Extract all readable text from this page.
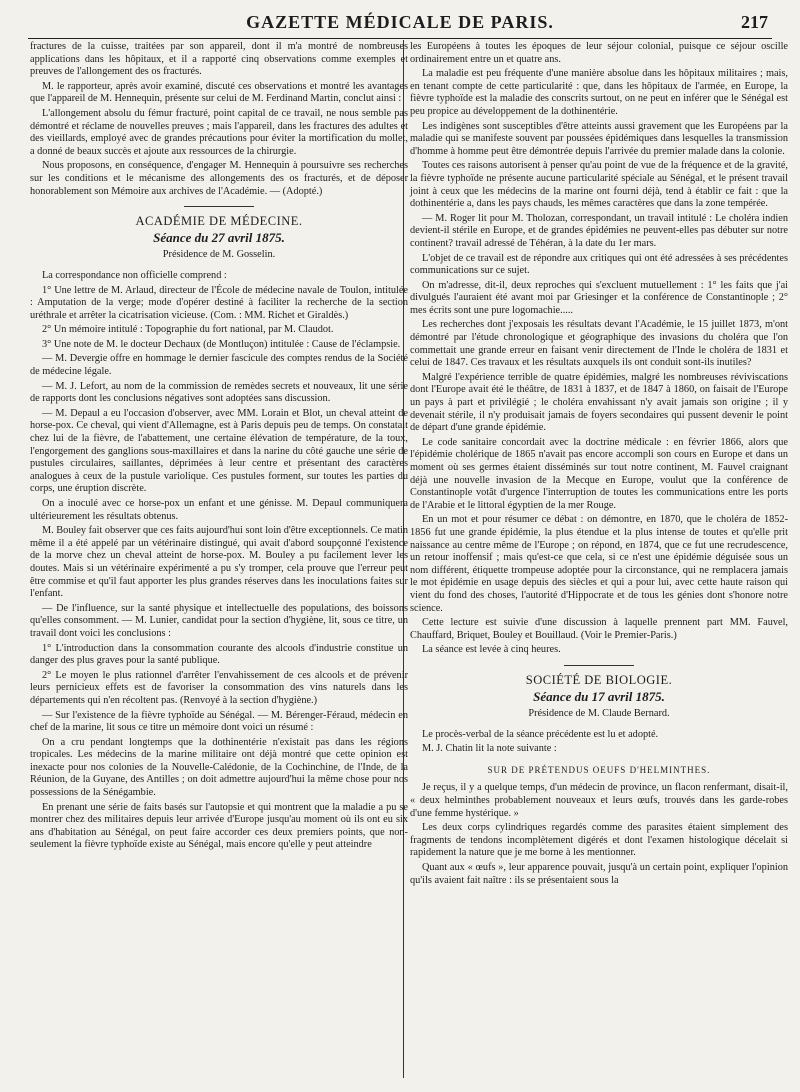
GAZETTE MÉDICALE DE PARIS.	217

fractures de la cuisse, traitées par son appareil, dont il m'a montré de nombreuses applications dans les hôpitaux, et il a rapporté cinq observations comme exemples et preuves de l'allongement des os fracturés.

M. le rapporteur, après avoir examiné, discuté ces observations et montré les avantages que l'appareil de M. Hennequin, présente sur celui de M. Ferdinand Martin, conclut ainsi :

L'allongement absolu du fémur fracturé, point capital de ce travail, ne nous semble pas démontré et réclame de nouvelles preuves ; mais l'appareil, dans les fractures des adultes et des vieillards, employé avec de grandes précautions pour éviter la mortification du mollet, a donné de beaux succès et ajoute aux ressources de la chirurgie.

Nous proposons, en conséquence, d'engager M. Hennequin à poursuivre ses recherches sur les conditions et le mécanisme des allongements des os fracturés, et de déposer honorablement son Mémoire aux archives de l'Académie. — (Adopté.)

ACADÉMIE DE MÉDECINE.
Séance du 27 avril 1875.

Présidence de M. Gosselin.

La correspondance non officielle comprend :

1° Une lettre de M. Arlaud, directeur de l'École de médecine navale de Toulon, intitulée : Amputation de la verge; mode d'opérer destiné à faciliter la recherche de la section uréthrale et arrêter la cicatrisation vicieuse. (Com. : MM. Richet et Giraldès.)

2° Un mémoire intitulé : Topographie du fort national, par M. Claudot.

3° Une note de M. le docteur Dechaux (de Montluçon) intitulée : Cause de l'éclampsie.

— M. Devergie offre en hommage le dernier fascicule des comptes rendus de la Société de médecine légale.

— M. J. Lefort, au nom de la commission de remèdes secrets et nouveaux, lit une série de rapports dont les conclusions négatives sont adoptées sans discussion.

— M. Depaul a eu l'occasion d'observer, avec MM. Lorain et Blot, un cheval atteint de horse-pox. Ce cheval, qui vient d'Allemagne, est à Paris depuis peu de temps. On constatait chez lui de la fièvre, de l'abattement, une certaine élévation de température, de la toux, l'engorgement des ganglions sous-maxillaires et dans la narine du côté gauche une série de pustules circulaires, saillantes, déprimées à leur centre et présentant des caractères analogues à ceux de la pustule variolique. Ces pustules forment, sur toutes les parties du corps, une éruption discrète.

On a inoculé avec ce horse-pox un enfant et une génisse. M. Depaul communiquera ultérieurement les résultats obtenus.

M. Bouley fait observer que ces faits aujourd'hui sont loin d'être exceptionnels. Ce matin même il a été appelé par un vétérinaire distingué, qui avait d'abord soupçonné l'existence de la morve chez un cheval atteint de horse-pox. M. Bouley a pu facilement lever les doutes. Mais si un vétérinaire expérimenté a pu s'y tromper, cela prouve que l'erreur peut être commise et qu'il faut apporter les plus grandes réserves dans les inoculations faites sur l'enfant.

— De l'influence, sur la santé physique et intellectuelle des populations, des boissons qu'elles consomment. — M. Lunier, candidat pour la section d'hygiène, lit, sous ce titre, un travail dont voici les conclusions :

1° L'introduction dans la consommation courante des alcools d'industrie constitue un danger des plus graves pour la santé publique.

2° Le moyen le plus rationnel d'arrêter l'envahissement de ces alcools et de prévenir leurs pernicieux effets est de favoriser la consommation des vins naturels dans les départements qui n'en récoltent pas. (Renvoyé à la section d'hygiène.)

— Sur l'existence de la fièvre typhoïde au Sénégal. — M. Bérenger-Féraud, médecin en chef de la marine, lit sous ce titre un mémoire dont voici un résumé :

On a cru pendant longtemps que la dothinentérie n'existait pas dans les régions tropicales. Les médecins de la marine militaire ont déjà montré que cette opinion est inexacte pour nos colonies de la Nouvelle-Calédonie, de la Cochinchine, de l'Inde, de la Réunion, de la Guyane, des Antilles ; on doit admettre aujourd'hui la même chose pour nos possessions de la Sénégambie.

En prenant une série de faits basés sur l'autopsie et qui montrent que la maladie a pu se montrer chez des militaires depuis leur arrivée d'Europe jusqu'au moment où ils ont eu six ans d'habitation au Sénégal, on peut faire accorder ces deux premiers points, que non-seulement la fièvre typhoïde existe au Sénégal, mais encore qu'elle y peut atteindre

les Européens à toutes les époques de leur séjour colonial, puisque ce séjour oscille ordinairement entre un et quatre ans.

La maladie est peu fréquente d'une manière absolue dans les hôpitaux militaires ; mais, en tenant compte de cette particularité : que, dans les hôpitaux de l'armée, en Europe, la fièvre typhoïde est la maladie des conscrits surtout, on ne peut en inférer que le Sénégal est peu propice au développement de la dothinentérie.

Les indigènes sont susceptibles d'être atteints aussi gravement que les Européens par la maladie qui se manifeste souvent par poussées épidémiques dans lesquelles la transmission d'homme à homme peut être démontrée depuis l'arrivée du premier malade dans la colonie.

Toutes ces raisons autorisent à penser qu'au point de vue de la fréquence et de la gravité, la fièvre typhoïde ne présente aucune particularité spéciale au Sénégal, et le présent travail joint à ceux que les médecins de la marine ont fourni déjà, tend à établir ce fait : que la dothinentérie a, dans les pays chauds, les mêmes caractères que dans la zone tempérée.

— M. Roger lit pour M. Tholozan, correspondant, un travail intitulé : Le choléra indien devient-il stérile en Europe, et de grandes épidémies ne peuvent-elles pas débuter sur notre continent? travail adressé de Téhéran, à la date du 1er mars.

L'objet de ce travail est de répondre aux critiques qui ont été adressées à ses précédentes communications sur ce sujet.

On m'adresse, dit-il, deux reproches qui s'excluent mutuellement : 1° les faits que j'ai divulgués l'auraient été avant moi par Griesinger et la conférence de Constantinople ; 2° mes écrits sont une pure logomachie.....

Les recherches dont j'exposais les résultats devant l'Académie, le 15 juillet 1873, m'ont démontré par l'étude chronologique et géographique des invasions du choléra que l'on commettait une grande erreur en faisant venir directement de l'Inde le choléra de 1831 et celui de 1847. Ces travaux et les résultats auxquels ils ont conduit sont-ils inutiles?

Malgré l'expérience terrible de quatre épidémies, malgré les nombreuses réviviscations dont l'Europe avait été le théâtre, de 1831 à 1837, et de 1847 à 1860, on faisait de l'Europe un pays à part et privilégié ; le choléra envahissant n'y avait jamais son origine ; il y devenait stérile, il n'y produisait jamais de foyers secondaires qui pussent devenir le point de départ d'une grande épidémie.

Le code sanitaire concordait avec la doctrine médicale : en février 1866, alors que l'épidémie cholérique de 1865 n'avait pas encore accompli son cours en Europe et dans un moment où ses germes étaient disséminés sur tout notre continent, M. Fauvel craignant déjà une nouvelle invasion de la Mecque en Europe, voulut que la conférence de Constantinople votât d'urgence l'interruption de toutes les communications entre les ports de l'Arabie et le littoral égyptien de la mer Rouge.

En un mot et pour résumer ce débat : on démontre, en 1870, que le choléra de 1852-1856 fut une grande épidémie, la plus étendue et la plus intense de toutes et qu'elle prit naissance au centre même de l'Europe ; on répond, en 1874, que ce fut une recrudescence, un retour inoffensif ; mais qu'est-ce que cela, si ce n'est une épidémie déguisée sous un nom différent, étiquette trompeuse adoptée pour la circonstance, qui ne remplacera jamais le mot épidémie en usage depuis des siècles et qui a pour lui, avec cette haute raison qui vient du fond des choses, l'autorité d'Hippocrate et de tous les génies dont s'honore notre science.

Cette lecture est suivie d'une discussion à laquelle prennent part MM. Fauvel, Chauffard, Briquet, Bouley et Bouillaud. (Voir le Premier-Paris.)

La séance est levée à cinq heures.

SOCIÉTÉ DE BIOLOGIE.
Séance du 17 avril 1875.

Présidence de M. Claude Bernard.

Le procès-verbal de la séance précédente est lu et adopté.

M. J. Chatin lit la note suivante :

SUR DE PRÉTENDUS OEUFS D'HELMINTHES.

Je reçus, il y a quelque temps, d'un médecin de province, un flacon renfermant, disait-il, « deux helminthes probablement nouveaux et leurs œufs, trouvés dans les garde-robes d'une femme hystérique. »

Les deux corps cylindriques regardés comme des parasites étaient simplement des fragments de tendons incomplètement digérés et dont l'examen histologique décelait si rapidement la nature que je me borne à les mentionner.

Quant aux « œufs », leur apparence pouvait, jusqu'à un certain point, expliquer l'opinion qu'ils avaient fait naître : ils se présentaient sous la
